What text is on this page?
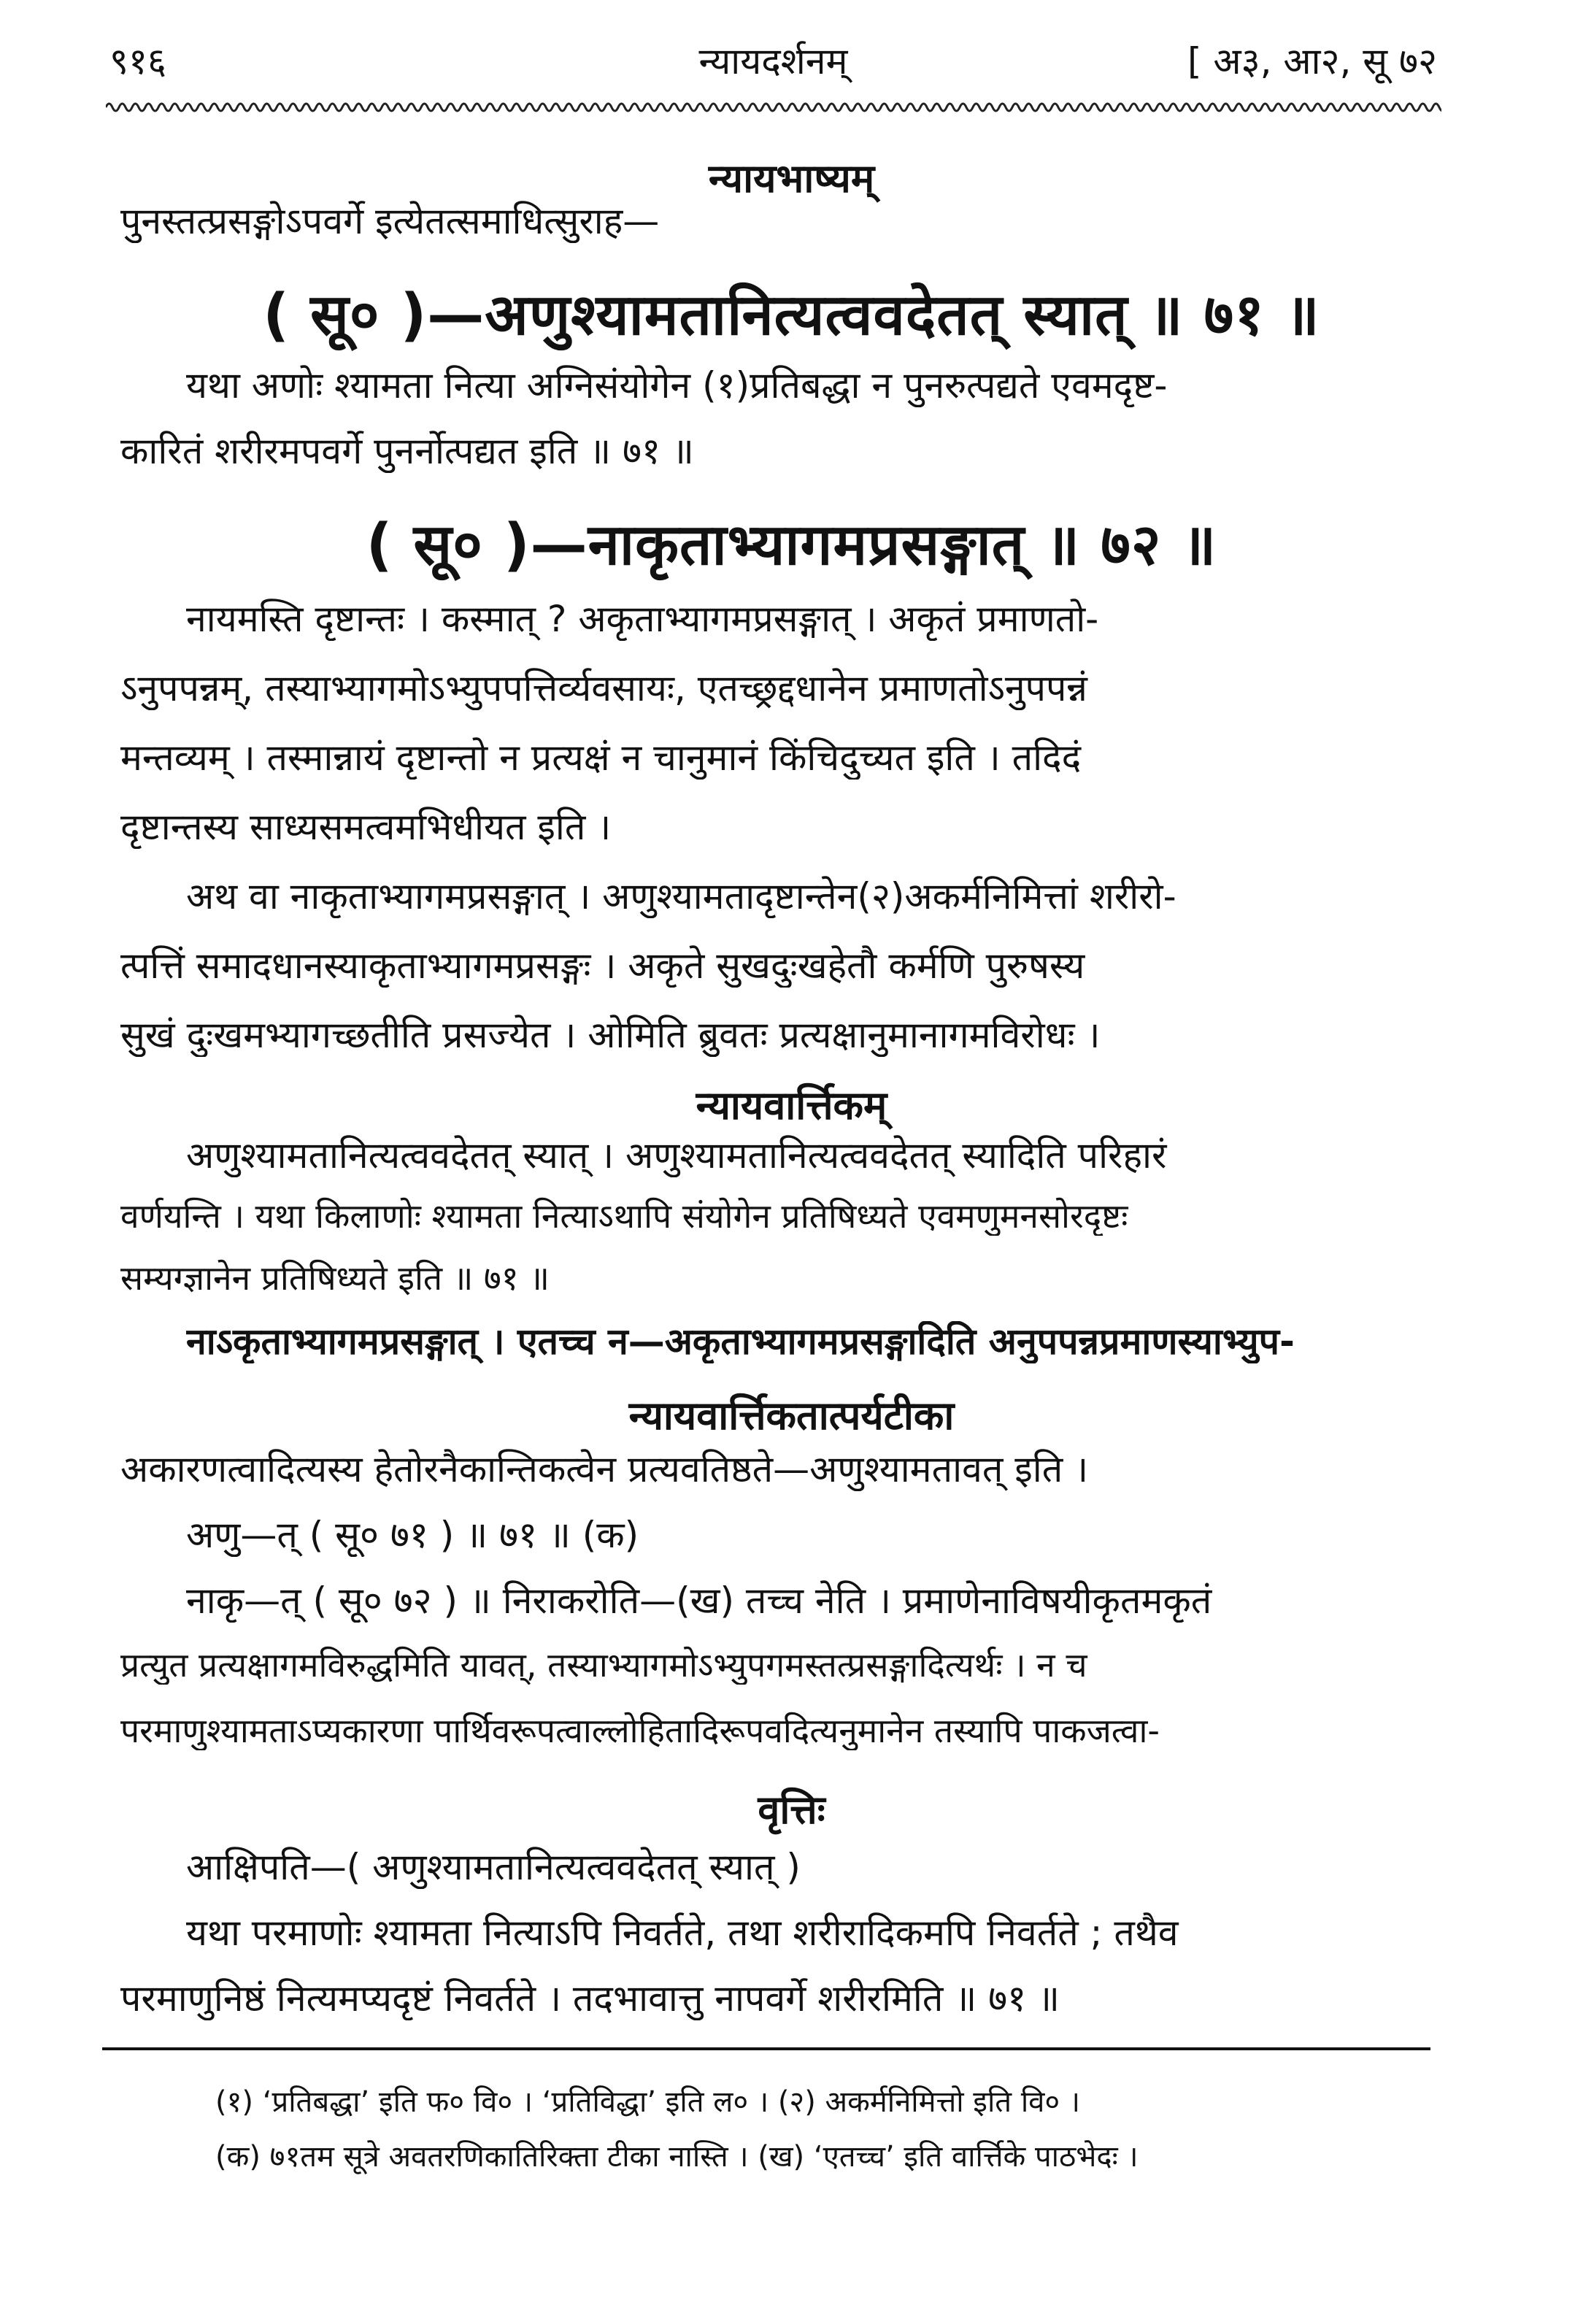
९१६	न्यायदर्शनम्	[ अ३, आ२, सू ७२
न्यायभाष्यम्
पुनस्तत्प्रसङ्गोऽपवर्गे इत्येतत्समाधित्सुराह—
( सू० )—अणुश्यामतानित्यत्ववदेतत् स्यात् ॥ ७१ ॥
यथा अणोः श्यामता नित्या अग्निसंयोगेन (१)प्रतिबद्धा न पुनरुत्पद्यते एवमदृष्ट-
कारितं शरीरमपवर्गे पुनर्नोत्पद्यत इति ॥ ७१ ॥
( सू० )—नाकृताभ्यागमप्रसङ्गात् ॥ ७२ ॥
नायमस्ति दृष्टान्तः । कस्मात् ? अकृताभ्यागमप्रसङ्गात् । अकृतं प्रमाणतो-
ऽनुपपन्नम्, तस्याभ्यागमोऽभ्युपपत्तिर्व्यवसायः, एतच्छ्रद्दधानेन प्रमाणतोऽनुपपन्नं
मन्तव्यम् । तस्मान्नायं दृष्टान्तो न प्रत्यक्षं न चानुमानं किंचिदुच्यत इति । तदिदं
दृष्टान्तस्य साध्यसमत्वमभिधीयत इति ।
अथ वा नाकृताभ्यागमप्रसङ्गात् । अणुश्यामतादृष्टान्तेन(२)अकर्मनिमित्तां शरीरो-
त्पत्तिं समादधानस्याकृताभ्यागमप्रसङ्गः । अकृते सुखदुःखहेतौ कर्मणि पुरुषस्य
सुखं दुःखमभ्यागच्छतीति प्रसज्येत । ओमिति ब्रुवतः प्रत्यक्षानुमानागमविरोधः ।
न्यायवार्त्तिकम्
अणुश्यामतानित्यत्ववदेतत् स्यात् । अणुश्यामतानित्यत्ववदेतत् स्यादिति परिहारं
वर्णयन्ति । यथा किलाणोः श्यामता नित्याऽथापि संयोगेन प्रतिषिध्यते एवमणुमनसोरदृष्टः
सम्यग्ज्ञानेन प्रतिषिध्यते इति ॥ ७१ ॥
नाऽकृताभ्यागमप्रसङ्गात् । एतच्च न—अकृताभ्यागमप्रसङ्गादिति अनुपपन्नप्रमाणस्याभ्युप-
न्यायवार्त्तिकतात्पर्यटीका
अकारणत्वादित्यस्य हेतोरनैकान्तिकत्वेन प्रत्यवतिष्ठते—अणुश्यामतावत् इति ।
अणु—त् ( सू० ७१ ) ॥ ७१ ॥ (क)
नाकृ—त् ( सू० ७२ ) ॥ निराकरोति—(ख) तच्च नेति । प्रमाणेनाविषयीकृतमकृतं
प्रत्युत प्रत्यक्षागमविरुद्धमिति यावत्, तस्याभ्यागमोऽभ्युपगमस्तत्प्रसङ्गादित्यर्थः । न च
परमाणुश्यामताऽप्यकारणा पार्थिवरूपत्वाल्लोहितादिरूपवदित्यनुमानेन तस्यापि पाकजत्वा-
वृत्तिः
आक्षिपति—( अणुश्यामतानित्यत्ववदेतत् स्यात् )
यथा परमाणोः श्यामता नित्याऽपि निवर्तते, तथा शरीरादिकमपि निवर्तते ; तथैव
परमाणुनिष्ठं नित्यमप्यदृष्टं निवर्तते । तदभावात्तु नापवर्गे शरीरमिति ॥ ७१ ॥
(१) ‘प्रतिबद्धा’ इति फ० वि० । ‘प्रतिविद्धा’ इति ल० । (२) अकर्मनिमित्तो इति वि० ।
(क) ७१तम सूत्रे अवतरणिकातिरिक्ता टीका नास्ति । (ख) ‘एतच्च’ इति वार्त्तिके पाठभेदः ।
